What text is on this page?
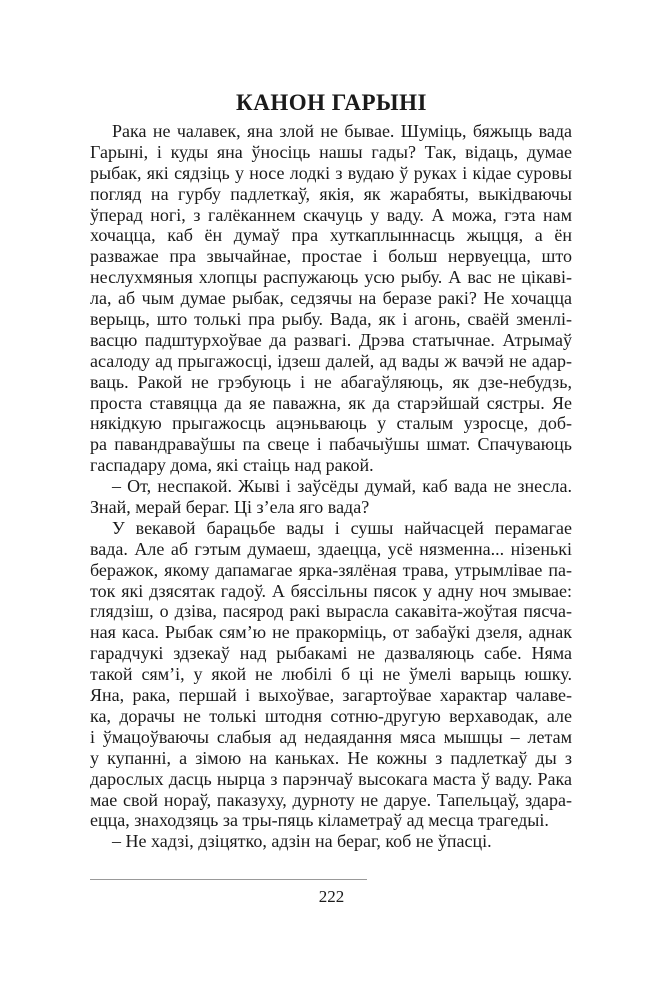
КАНОН ГАРЫНІ
Рака не чалавек, яна злой не бывае. Шуміць, бяжыць вада
Гарыні, і куды яна ўносіць нашы гады? Так, відаць, думае
рыбак, які сядзіць у носе лодкі з вудаю ў руках і кідае суровы
погляд на гурбу падлеткаў, якія, як жарабяты, выкідваючы
ўперад ногі, з галёканнем скачуць у ваду. А можа, гэта нам
хочацца, каб ён думаў пра хуткаплыннасць жыцця, а ён
разважае пра звычайнае, простае і больш нервуецца, што
неслухмяныя хлопцы распужаюць усю рыбу. А вас не цікаві-
ла, аб чым думае рыбак, седзячы на беразе ракі? Не хочацца
верыць, што толькі пра рыбу. Вада, як і агонь, сваёй зменлі-
васцю падштурхоўвае да развагі. Дрэва статычнае. Атрымаў
асалоду ад прыгажосці, ідзеш далей, ад вады ж вачэй не адар-
ваць. Ракой не грэбуюць і не абагаўляюць, як дзе-небудзь,
проста ставяцца да яе паважна, як да старэйшай сястры. Яе
някідкую прыгажосць ацэньваюць у сталым узросце, доб-
ра павандраваўшы па свеце і пабачыўшы шмат. Спачуваюць
гаспадару дома, які стаіць над ракой.
– От, неспакой. Жыві і заўсёды думай, каб вада не знесла.
Знай, мерай бераг. Ці з’ела яго вада?
У векавой барацьбе вады і сушы найчасцей перамагае
вада. Але аб гэтым думаеш, здаецца, усё нязменна... нізенькі
беражок, якому дапамагае ярка-зялёная трава, утрымлівае па-
ток які дзясятак гадоў. А бяссільны пясок у адну ноч змывае:
глядзіш, о дзіва, пасярод ракі вырасла сакавіта-жоўтая пясча-
ная каса. Рыбак сям’ю не пракорміць, от забаўкі дзеля, аднак
гарадчукі здзекаў над рыбакамі не дазваляюць сабе. Няма
такой сям’і, у якой не любілі б ці не ўмелі варыць юшку.
Яна, рака, першай і выхоўвае, загартоўвае характар чалаве-
ка, дорачы не толькі штодня сотню-другую верхаводак, але
і ўмацоўваючы слабыя ад недаядання мяса мышцы – летам
у купанні, а зімою на каньках. Не кожны з падлеткаў ды з
дарослых дасць нырца з парэнчаў высокага маста ў ваду. Рака
мае свой нораў, паказуху, дурноту не даруе. Тапельцаў, здара-
ецца, знаходзяць за тры-пяць кіламетраў ад месца трагедыі.
– Не хадзі, дзіцятко, адзін на бераг, коб не ўпасці.
222
